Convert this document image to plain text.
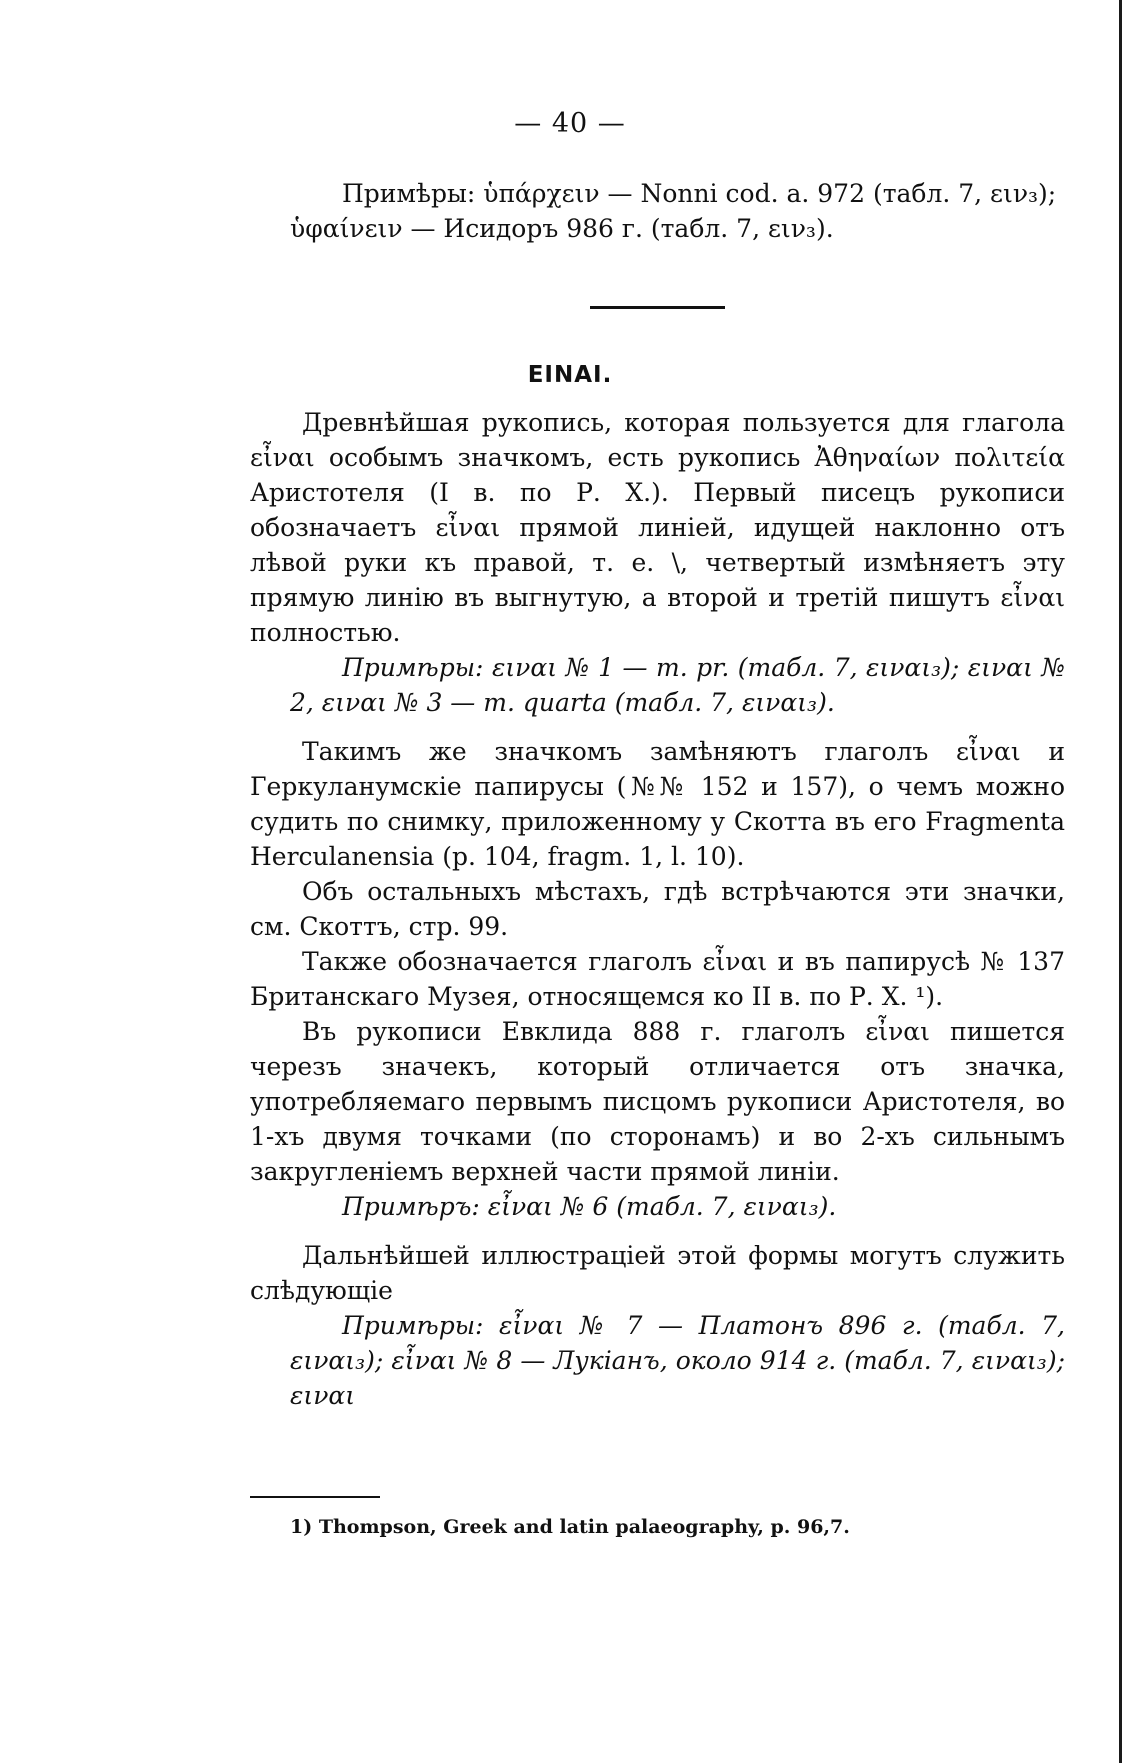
— 40 —

Примѣры: ὑπάρχειν — Nonni cod. a. 972 (табл. 7, ειν₃);

ὑφαίνειν — Исидоръ 986 г. (табл. 7, ειν₃).

ΕΙΝΑΙ.

Древнѣйшая рукопись, которая пользуется для глагола εἶναι особымъ значкомъ, есть рукопись Ἀθηναίων πολιτεία Аристотеля (I в. по Р. Х.). Первый писецъ рукописи обозначаетъ εἶναι прямой линіей, идущей наклонно отъ лѣвой руки къ правой, т. е. \, четвертый измѣняетъ эту прямую линію въ выгнутую, а второй и третій пишутъ εἶναι полностью.

Примѣры: ειναι № 1 — m. pr. (табл. 7, ειναι₃); ειναι № 2, ειναι № 3 — m. quarta (табл. 7, ειναι₃).

Такимъ же значкомъ замѣняютъ глаголъ εἶναι и Геркуланумскіе папирусы (№№ 152 и 157), о чемъ можно судить по снимку, приложенному у Скотта въ его Fragmenta Herculanensia (p. 104, fragm. 1, l. 10).

Объ остальныхъ мѣстахъ, гдѣ встрѣчаются эти значки, см. Скоттъ, стр. 99.

Также обозначается глаголъ εἶναι и въ папирусѣ № 137 Британскаго Музея, относящемся ко II в. по Р. Х. ¹).

Въ рукописи Евклида 888 г. глаголъ εἶναι пишется черезъ значекъ, который отличается отъ значка, употребляемаго первымъ писцомъ рукописи Аристотеля, во 1-хъ двумя точками (по сторонамъ) и во 2-хъ сильнымъ закругленіемъ верхней части прямой линіи.

Примѣръ: εἶναι № 6 (табл. 7, ειναι₃).

Дальнѣйшей иллюстраціей этой формы могутъ служить слѣдующіе

Примѣры: εἶναι № 7 — Платонъ 896 г. (табл. 7, ειναι₃); εἶναι № 8 — Лукіанъ, около 914 г. (табл. 7, ειναι₃); ειναι

1) Thompson, Greek and latin palaeography, p. 96,7.
